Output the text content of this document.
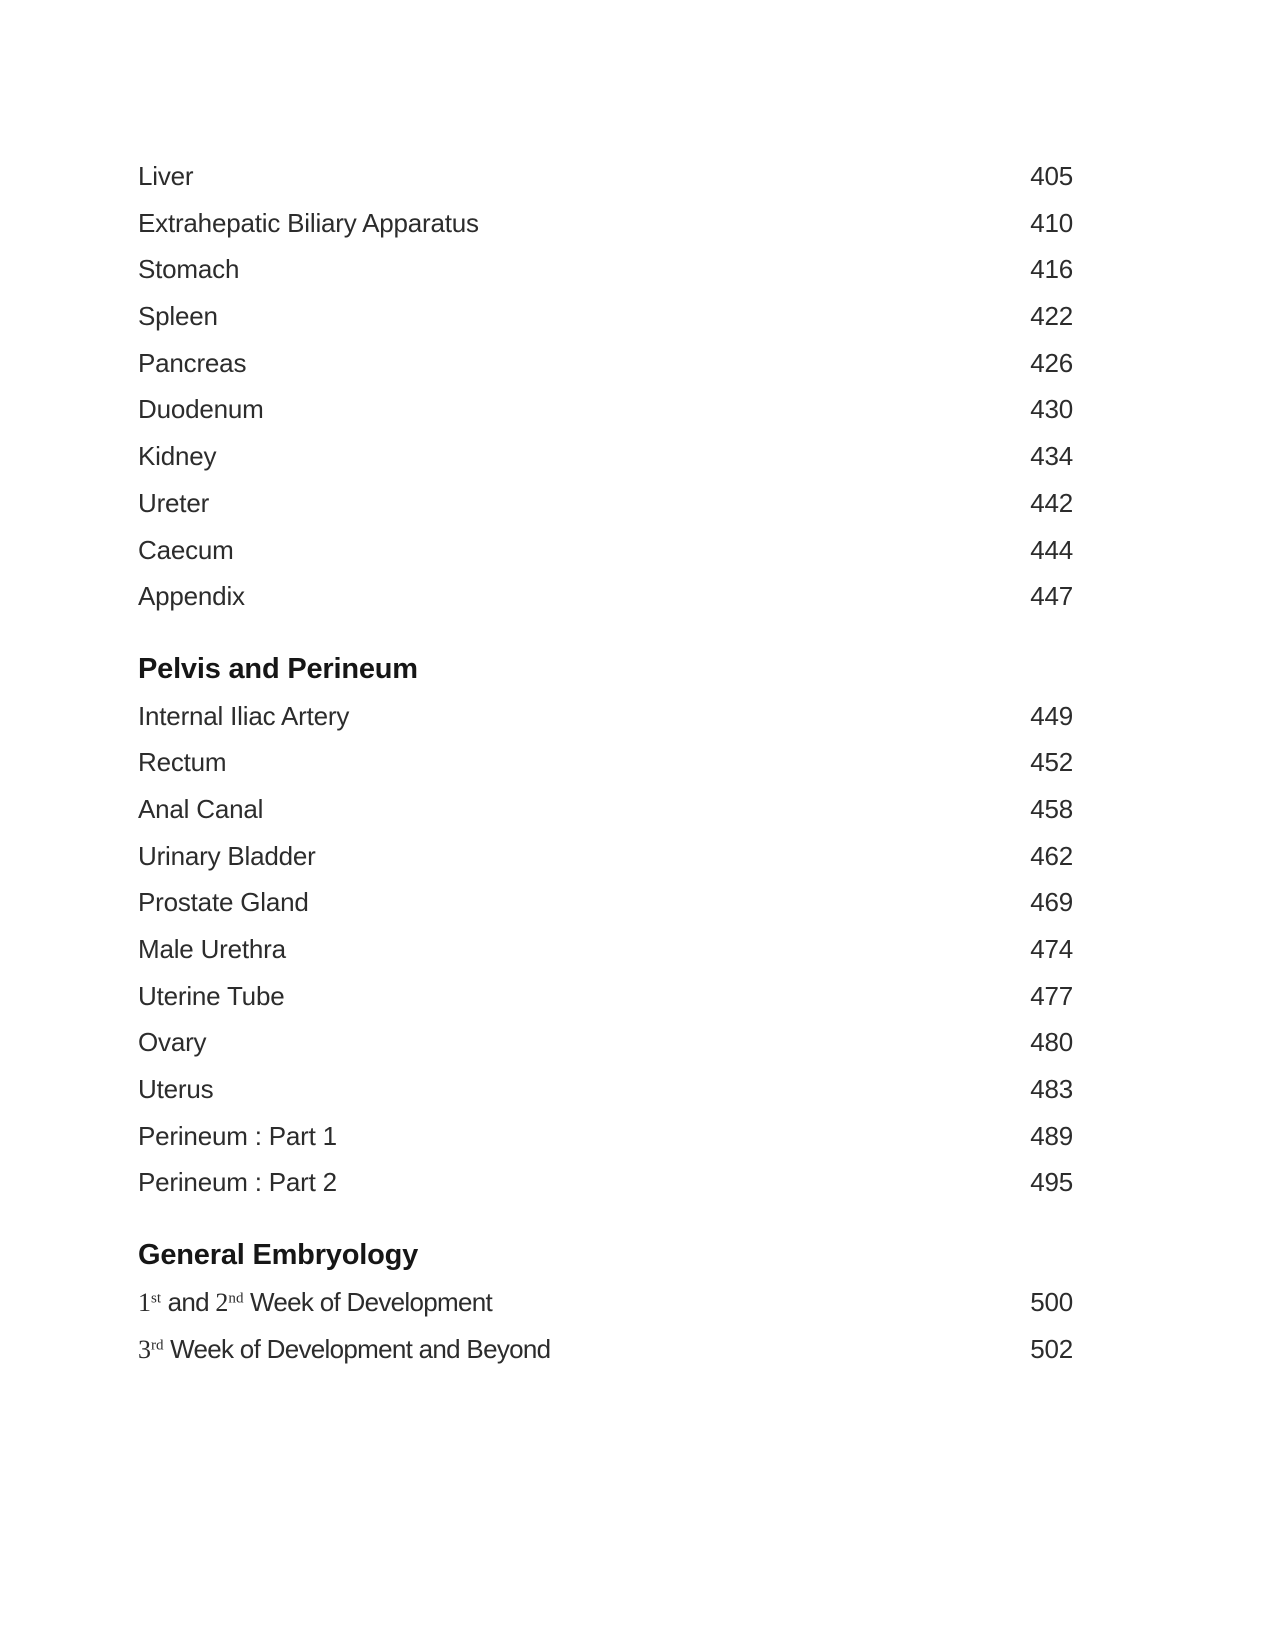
Liver	405
Extrahepatic Biliary Apparatus	410
Stomach	416
Spleen	422
Pancreas	426
Duodenum	430
Kidney	434
Ureter	442
Caecum	444
Appendix	447
Pelvis and Perineum
Internal Iliac Artery	449
Rectum	452
Anal Canal	458
Urinary Bladder	462
Prostate Gland	469
Male Urethra	474
Uterine Tube	477
Ovary	480
Uterus	483
Perineum : Part 1	489
Perineum : Part 2	495
General Embryology
1st and 2nd Week of Development	500
3rd Week of Development and Beyond	502
